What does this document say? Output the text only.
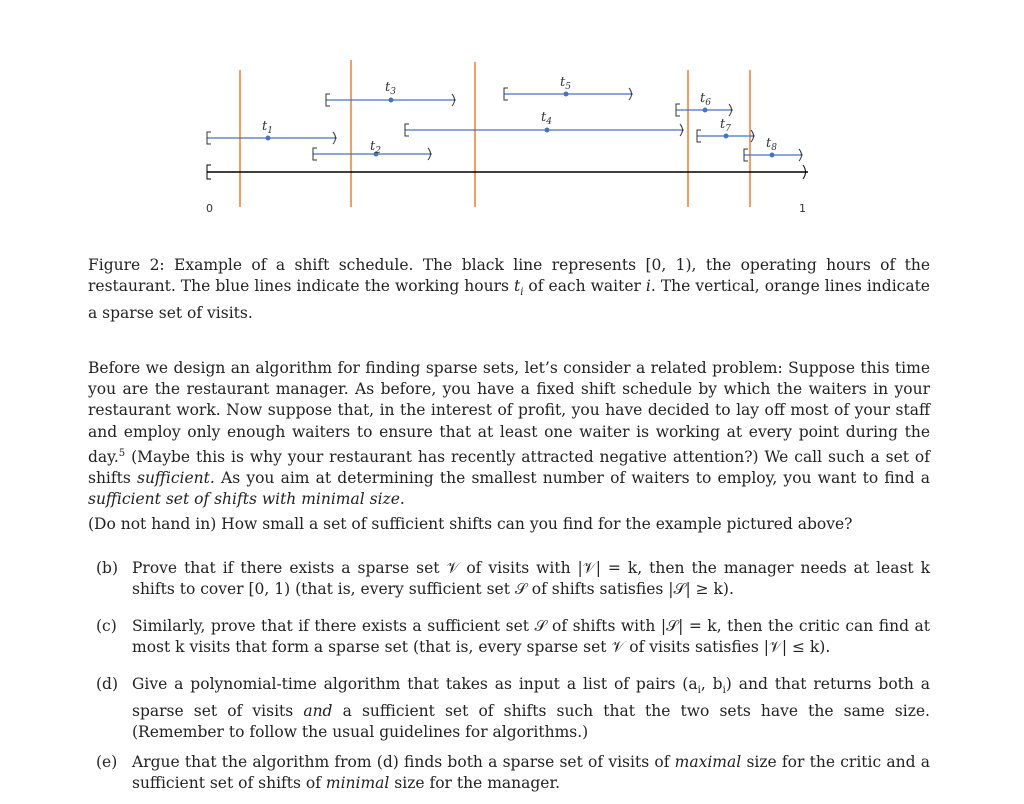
$t_1$
$t_2$
$t_3$
$t_4$
$t_5$
$t_6$
$t_7$
$t_8$
0	1

Figure 2: Example of a shift schedule. The black line represents [0, 1), the operating hours of the restaurant. The blue lines indicate the working hours $t_i$ of each waiter i. The vertical, orange lines indicate a sparse set of visits.

Before we design an algorithm for finding sparse sets, let’s consider a related problem: Suppose this time you are the restaurant manager. As before, you have a fixed shift schedule by which the waiters in your restaurant work. Now suppose that, in the interest of profit, you have decided to lay off most of your staff and employ only enough waiters to ensure that at least one waiter is working at every point during the day.$^5$ (Maybe this is why your restaurant has recently attracted negative attention?) We call such a set of shifts sufficient. As you aim at determining the smallest number of waiters to employ, you want to find a sufficient set of shifts with minimal size.

(Do not hand in) How small a set of sufficient shifts can you find for the example pictured above?

(b) Prove that if there exists a sparse set 𝒱 of visits with |𝒱| = k, then the manager needs at least k shifts to cover [0, 1) (that is, every sufficient set 𝒮 of shifts satisfies |𝒮| ≥ k).
(c) Similarly, prove that if there exists a sufficient set 𝒮 of shifts with |𝒮| = k, then the critic can find at most k visits that form a sparse set (that is, every sparse set 𝒱 of visits satisfies |𝒱| ≤ k).
(d) Give a polynomial-time algorithm that takes as input a list of pairs ($a_i$, $b_i$) and that returns both a sparse set of visits and a sufficient set of shifts such that the two sets have the same size. (Remember to follow the usual guidelines for algorithms.)
(e) Argue that the algorithm from (d) finds both a sparse set of visits of maximal size for the critic and a sufficient set of shifts of minimal size for the manager.
